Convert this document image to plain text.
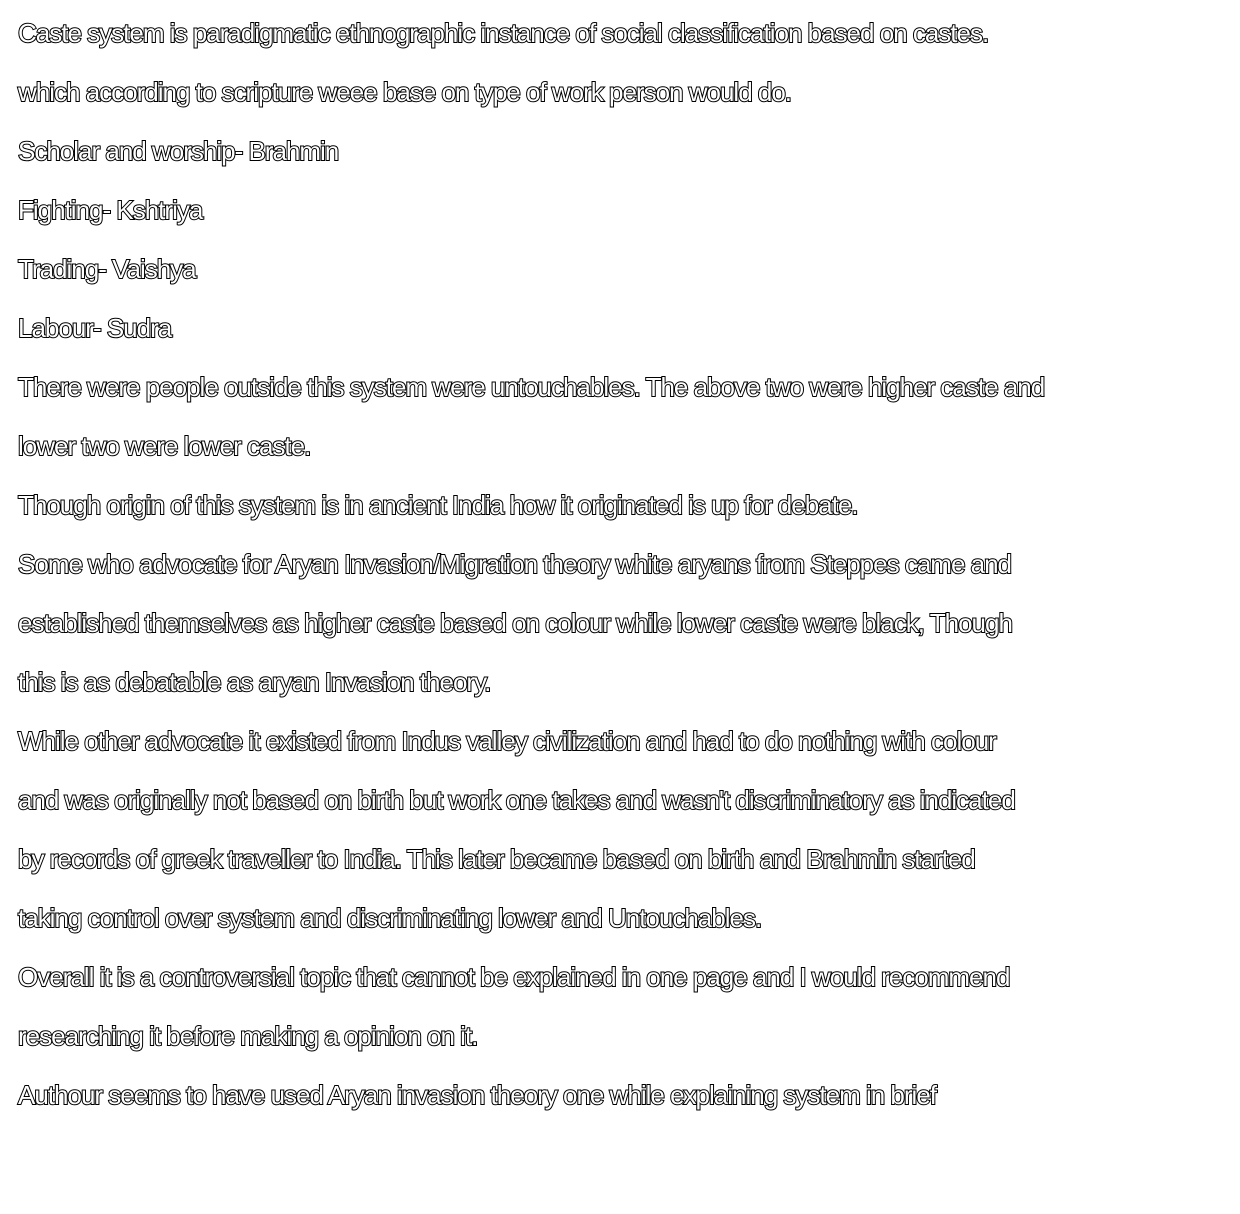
Caste system is paradigmatic ethnographic instance of social classification based on castes.
which according to scripture weee base on type of work person would do.
Scholar and worship- Brahmin
Fighting- Kshtriya
Trading- Vaishya
Labour- Sudra
There were people outside this system were untouchables. The above two were higher caste and
lower two were lower caste.
Though origin of this system is in ancient India how it originated is up for debate.
Some who advocate for Aryan Invasion/Migration theory white aryans from Steppes came and
established themselves as higher caste based on colour while lower caste were black, Though
this is as debatable as aryan Invasion theory.
While other advocate it existed from Indus valley civilization and had to do nothing with colour
and was originally not based on birth but work one takes and wasn't discriminatory as indicated
by records of greek traveller to India. This later became based on birth and Brahmin started
taking control over system and discriminating lower and Untouchables.
Overall it is a controversial topic that cannot be explained in one page and I would recommend
researching it before making a opinion on it.
Authour seems to have used Aryan invasion theory one while explaining system in brief
